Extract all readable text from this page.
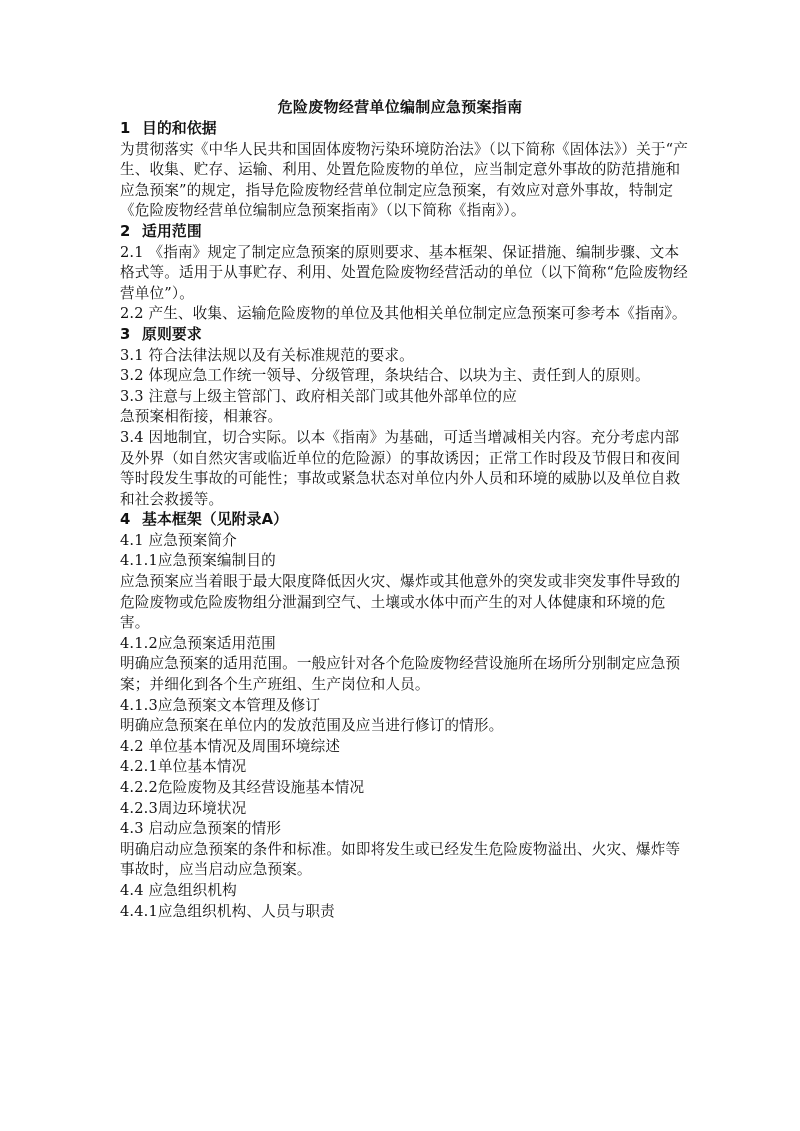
危险废物经营单位编制应急预案指南

1 目的和依据

为贯彻落实《中华人民共和国固体废物污染环境防治法》（以下简称《固体法》）关于“产生、收集、贮存、运输、利用、处置危险废物的单位，应当制定意外事故的防范措施和应急预案”的规定，指导危险废物经营单位制定应急预案，有效应对意外事故，特制定《危险废物经营单位编制应急预案指南》（以下简称《指南》）。

2 适用范围

2.1 《指南》规定了制定应急预案的原则要求、基本框架、保证措施、编制步骤、文本格式等。适用于从事贮存、利用、处置危险废物经营活动的单位（以下简称“危险废物经营单位”）。

2.2 产生、收集、运输危险废物的单位及其他相关单位制定应急预案可参考本《指南》。

3 原则要求

3.1 符合法律法规以及有关标准规范的要求。

3.2 体现应急工作统一领导、分级管理，条块结合、以块为主、责任到人的原则。

3.3 注意与上级主管部门、政府相关部门或其他外部单位的应

急预案相衔接，相兼容。

3.4 因地制宜，切合实际。以本《指南》为基础，可适当增减相关内容。充分考虑内部及外界（如自然灾害或临近单位的危险源）的事故诱因；正常工作时段及节假日和夜间等时段发生事故的可能性；事故或紧急状态对单位内外人员和环境的威胁以及单位自救和社会救援等。

4 基本框架（见附录A）

4.1 应急预案简介

4.1.1应急预案编制目的

应急预案应当着眼于最大限度降低因火灾、爆炸或其他意外的突发或非突发事件导致的危险废物或危险废物组分泄漏到空气、土壤或水体中而产生的对人体健康和环境的危害。

4.1.2应急预案适用范围

明确应急预案的适用范围。一般应针对各个危险废物经营设施所在场所分别制定应急预案；并细化到各个生产班组、生产岗位和人员。

4.1.3应急预案文本管理及修订

明确应急预案在单位内的发放范围及应当进行修订的情形。

4.2 单位基本情况及周围环境综述

4.2.1单位基本情况

4.2.2危险废物及其经营设施基本情况

4.2.3周边环境状况

4.3 启动应急预案的情形

明确启动应急预案的条件和标准。如即将发生或已经发生危险废物溢出、火灾、爆炸等事故时，应当启动应急预案。

4.4 应急组织机构

4.4.1应急组织机构、人员与职责
